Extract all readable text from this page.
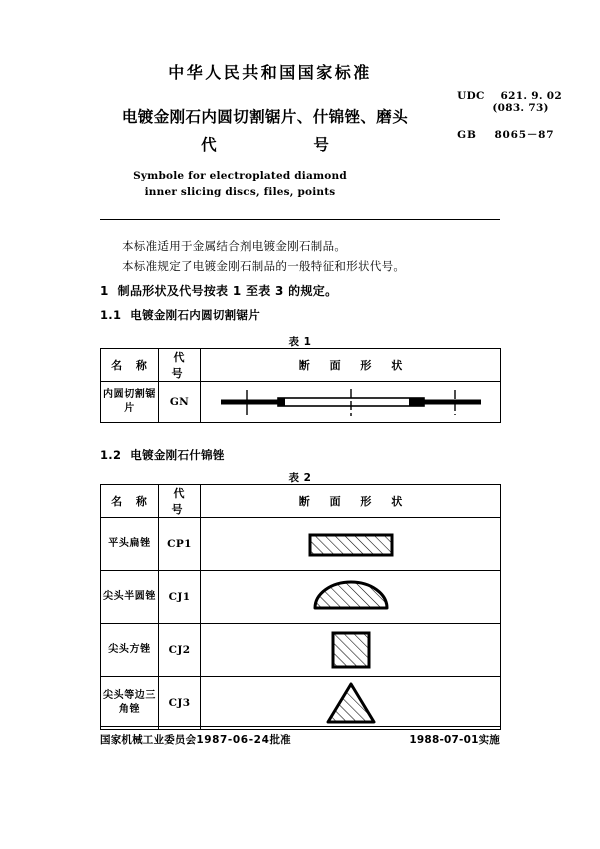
中华人民共和国国家标准
电镀金刚石内圆切割锯片、什锦锉、磨头
代	号
UDC 621. 9. 02
(083. 73)
GB 8065－87
Symbole for electroplated diamond
inner slicing discs, files, points
本标准适用于金属结合剂电镀金刚石制品。
本标准规定了电镀金刚石制品的一般特征和形状代号。
1 制品形状及代号按表 1 至表 3 的规定。
1.1 电镀金刚石内圆切割锯片
表 1
名 称	代 号	断 面 形 状
内圆切割锯片	GN	
1.2 电镀金刚石什锦锉
表 2
名 称	代 号	断 面 形 状
平头扁锉	CP1	

尖头半圆锉	CJ1	

尖头方锉	CJ2	

尖头等边三角锉	CJ3	
国家机械工业委员会1987-06-24批准	1988-07-01实施
